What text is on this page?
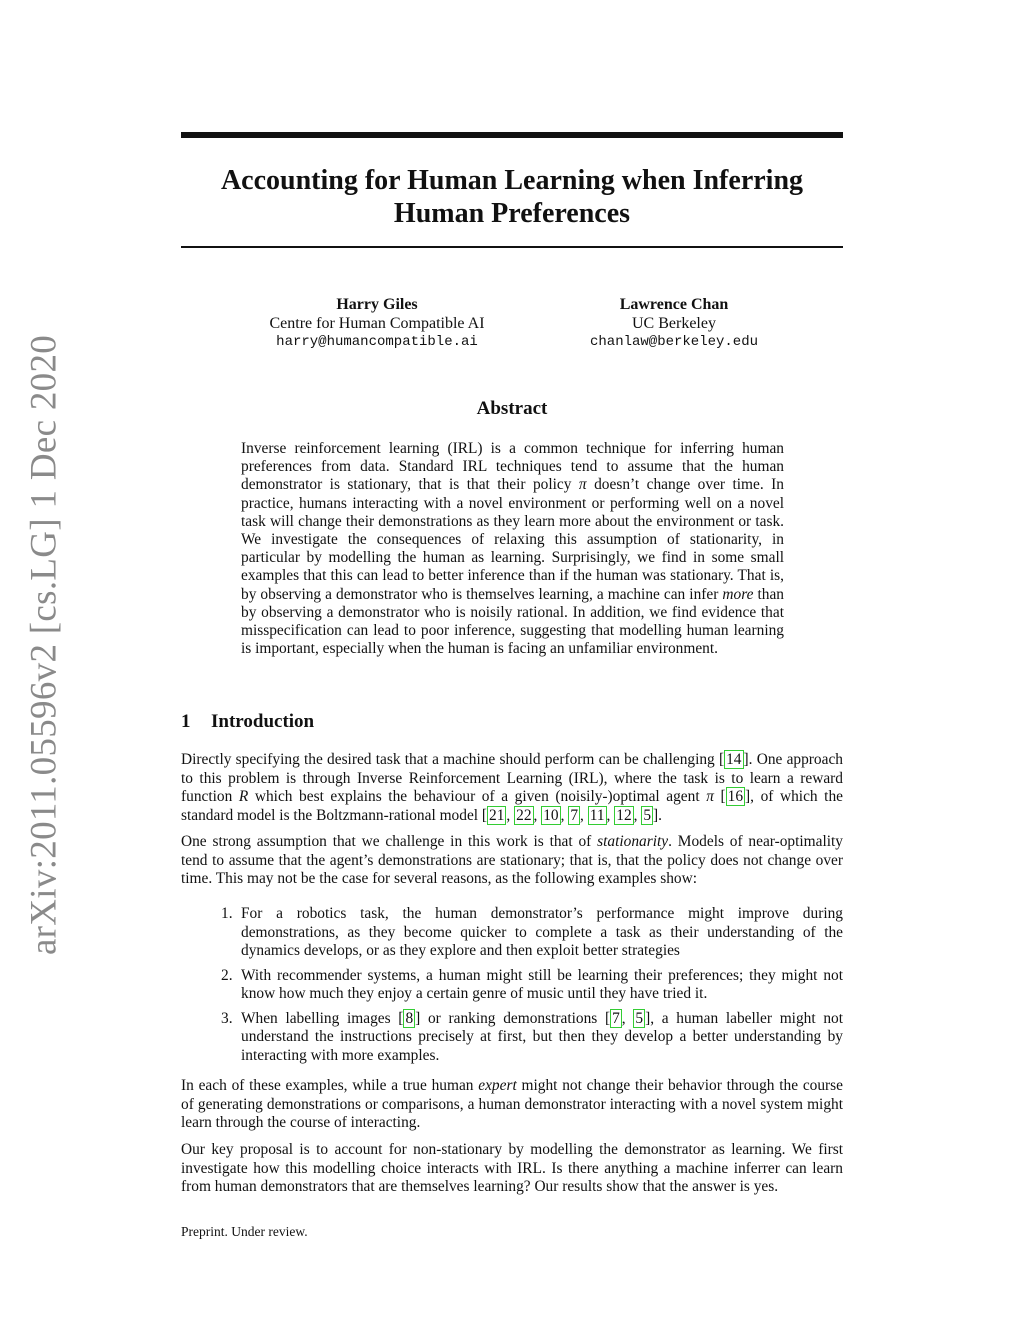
arXiv:2011.05596v2 [cs.LG] 1 Dec 2020
Accounting for Human Learning when Inferring Human Preferences
Harry Giles
Centre for Human Compatible AI
harry@humancompatible.ai
Lawrence Chan
UC Berkeley
chanlaw@berkeley.edu
Abstract

Inverse reinforcement learning (IRL) is a common technique for inferring human preferences from data. Standard IRL techniques tend to assume that the human demonstrator is stationary, that is that their policy π doesn’t change over time. In practice, humans interacting with a novel environment or performing well on a novel task will change their demonstrations as they learn more about the environment or task. We investigate the consequences of relaxing this assumption of stationarity, in particular by modelling the human as learning. Surprisingly, we find in some small examples that this can lead to better inference than if the human was stationary. That is, by observing a demonstrator who is themselves learning, a machine can infer more than by observing a demonstrator who is noisily rational. In addition, we find evidence that misspecification can lead to poor inference, suggesting that modelling human learning is important, especially when the human is facing an unfamiliar environment.

1 Introduction

Directly specifying the desired task that a machine should perform can be challenging [ 14 ]. One approach to this problem is through Inverse Reinforcement Learning (IRL), where the task is to learn a reward function R which best explains the behaviour of a given (noisily-)optimal agent π [ 16 ], of which the standard model is the Boltzmann-rational model [ 21 , 22 , 10 , 7 , 11 , 12 , 5 ].

One strong assumption that we challenge in this work is that of stationarity. Models of near-optimality tend to assume that the agent’s demonstrations are stationary; that is, that the policy does not change over time. This may not be the case for several reasons, as the following examples show:

1. For a robotics task, the human demonstrator’s performance might improve during demonstrations, as they become quicker to complete a task as their understanding of the dynamics develops, or as they explore and then exploit better strategies
2. With recommender systems, a human might still be learning their preferences; they might not know how much they enjoy a certain genre of music until they have tried it.
3. When labelling images [ 8 ] or ranking demonstrations [ 7 , 5 ], a human labeller might not understand the instructions precisely at first, but then they develop a better understanding by interacting with more examples.

In each of these examples, while a true human expert might not change their behavior through the course of generating demonstrations or comparisons, a human demonstrator interacting with a novel system might learn through the course of interacting.

Our key proposal is to account for non-stationary by modelling the demonstrator as learning. We first investigate how this modelling choice interacts with IRL. Is there anything a machine inferrer can learn from human demonstrators that are themselves learning? Our results show that the answer is yes.

Preprint. Under review.
